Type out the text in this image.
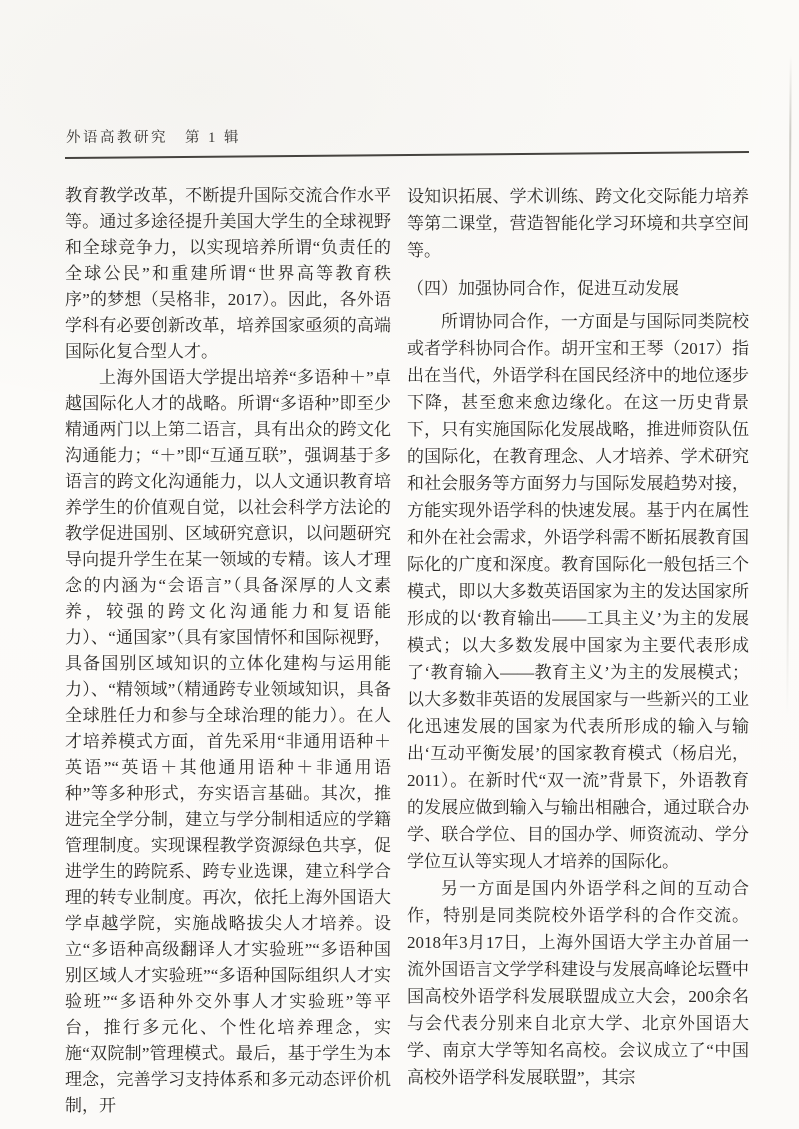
外语高教研究　第 1 辑

教育教学改革，不断提升国际交流合作水平等。通过多途径提升美国大学生的全球视野和全球竞争力，以实现培养所谓“负责任的全球公民”和重建所谓“世界高等教育秩序”的梦想（吴格非，2017）。因此，各外语学科有必要创新改革，培养国家亟须的高端国际化复合型人才。

上海外国语大学提出培养“多语种＋”卓越国际化人才的战略。所谓“多语种”即至少精通两门以上第二语言，具有出众的跨文化沟通能力；“＋”即“互通互联”，强调基于多语言的跨文化沟通能力，以人文通识教育培养学生的价值观自觉，以社会科学方法论的教学促进国别、区域研究意识，以问题研究导向提升学生在某一领域的专精。该人才理念的内涵为“会语言”（具备深厚的人文素养，较强的跨文化沟通能力和复语能力）、“通国家”（具有家国情怀和国际视野，具备国别区域知识的立体化建构与运用能力）、“精领域”（精通跨专业领域知识，具备全球胜任力和参与全球治理的能力）。在人才培养模式方面，首先采用“非通用语种＋英语”“英语＋其他通用语种＋非通用语种”等多种形式，夯实语言基础。其次，推进完全学分制，建立与学分制相适应的学籍管理制度。实现课程教学资源绿色共享，促进学生的跨院系、跨专业选课，建立科学合理的转专业制度。再次，依托上海外国语大学卓越学院，实施战略拔尖人才培养。设立“多语种高级翻译人才实验班”“多语种国别区域人才实验班”“多语种国际组织人才实验班”“多语种外交外事人才实验班”等平台，推行多元化、个性化培养理念，实施“双院制”管理模式。最后，基于学生为本理念，完善学习支持体系和多元动态评价机制，开

设知识拓展、学术训练、跨文化交际能力培养等第二课堂，营造智能化学习环境和共享空间等。

（四）加强协同合作，促进互动发展

所谓协同合作，一方面是与国际同类院校或者学科协同合作。胡开宝和王琴（2017）指出在当代，外语学科在国民经济中的地位逐步下降，甚至愈来愈边缘化。在这一历史背景下，只有实施国际化发展战略，推进师资队伍的国际化，在教育理念、人才培养、学术研究和社会服务等方面努力与国际发展趋势对接，方能实现外语学科的快速发展。基于内在属性和外在社会需求，外语学科需不断拓展教育国际化的广度和深度。教育国际化一般包括三个模式，即以大多数英语国家为主的发达国家所形成的以‘教育输出——工具主义’为主的发展模式；以大多数发展中国家为主要代表形成了‘教育输入——教育主义’为主的发展模式；以大多数非英语的发展国家与一些新兴的工业化迅速发展的国家为代表所形成的输入与输出‘互动平衡发展’的国家教育模式（杨启光，2011）。在新时代“双一流”背景下，外语教育的发展应做到输入与输出相融合，通过联合办学、联合学位、目的国办学、师资流动、学分学位互认等实现人才培养的国际化。

另一方面是国内外语学科之间的互动合作，特别是同类院校外语学科的合作交流。2018年3月17日，上海外国语大学主办首届一流外国语言文学学科建设与发展高峰论坛暨中国高校外语学科发展联盟成立大会，200余名与会代表分别来自北京大学、北京外国语大学、南京大学等知名高校。会议成立了“中国高校外语学科发展联盟”，其宗
